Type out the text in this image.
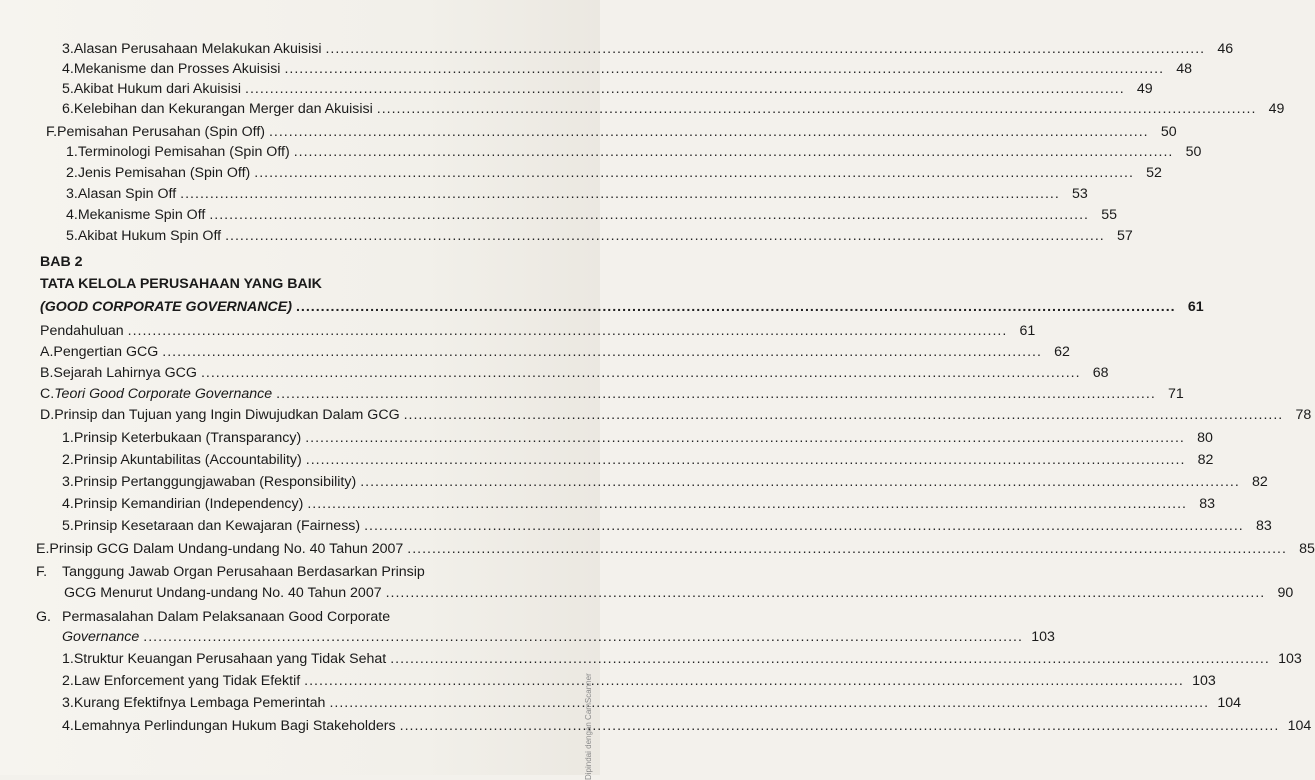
3. Alasan Perusahaan Melakukan Akuisisi .....	46
4. Mekanisme dan Prosses Akuisisi .....	48
5. Akibat Hukum dari Akuisisi .....	49
6. Kelebihan dan Kekurangan Merger dan Akuisisi .....	49
F. Pemisahan Perusahan (Spin Off) .....	50
1. Terminologi Pemisahan (Spin Off) .....	50
2. Jenis Pemisahan (Spin Off) .....	52
3. Alasan Spin Off .....	53
4. Mekanisme Spin Off .....	55
5. Akibat Hukum Spin Off .....	57
BAB 2
TATA KELOLA PERUSAHAAN YANG BAIK
(GOOD CORPORATE GOVERNANCE) .....	61
Pendahuluan .....	61
A. Pengertian GCG .....	62
B. Sejarah Lahirnya GCG .....	68
C. Teori Good Corporate Governance .....	71
D. Prinsip dan Tujuan yang Ingin Diwujudkan Dalam GCG .....	78
1. Prinsip Keterbukaan (Transparancy) .....	80
2. Prinsip Akuntabilitas (Accountability) .....	82
3. Prinsip Pertanggungjawaban (Responsibility) .....	82
4. Prinsip Kemandirian (Independency) .....	83
5. Prinsip Kesetaraan dan Kewajaran (Fairness) .....	83
E. Prinsip GCG Dalam Undang-undang No. 40 Tahun 2007 .....	85
F. Tanggung Jawab Organ Perusahaan Berdasarkan Prinsip
GCG Menurut Undang-undang No. 40 Tahun 2007 .....	90
G. Permasalahan Dalam Pelaksanaan Good Corporate
Governance .....	103
1. Struktur Keuangan Perusahaan yang Tidak Sehat .....	103
2. Law Enforcement yang Tidak Efektif .....	103
3. Kurang Efektifnya Lembaga Pemerintah .....	104
4. Lemahnya Perlindungan Hukum Bagi Stakeholders .....	104
Dipindai dengan CamScanner
